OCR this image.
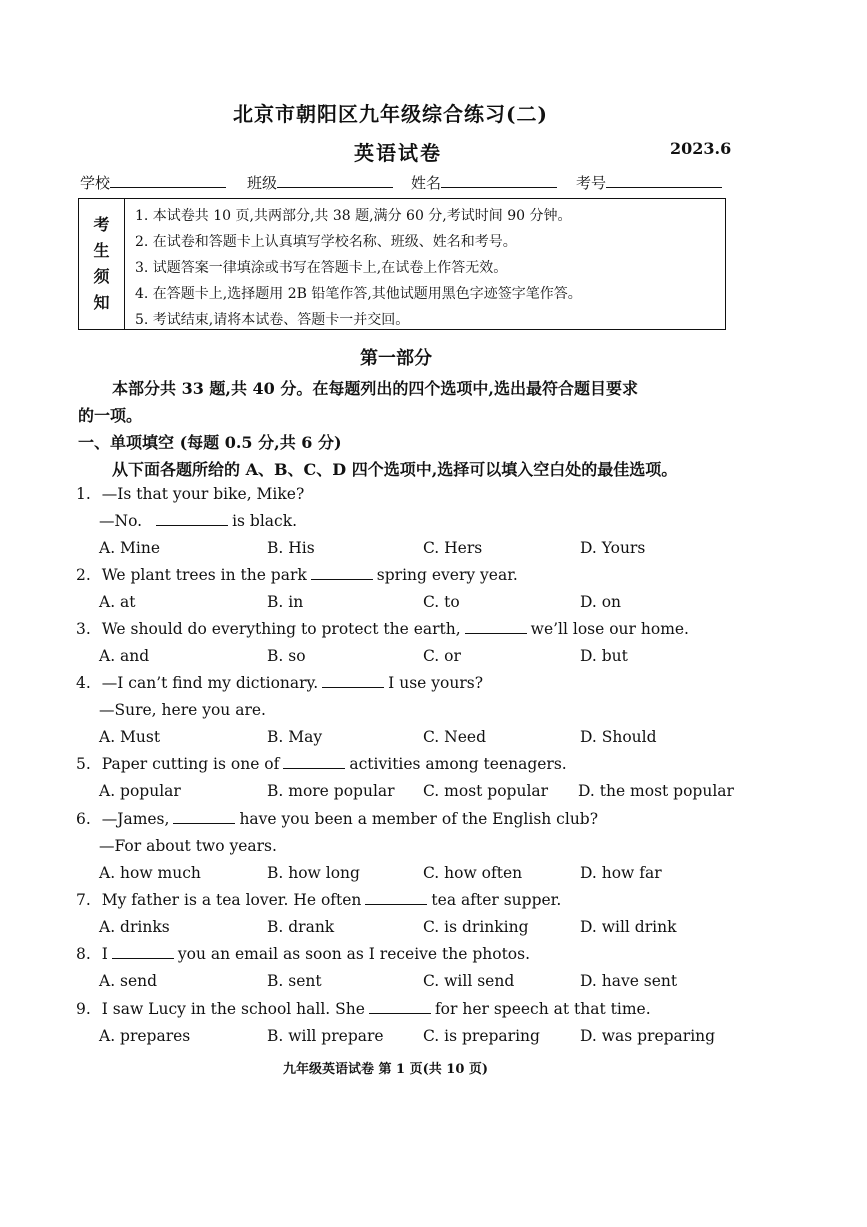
北京市朝阳区九年级综合练习(二)
英语试卷	2023.6
学校	班级	姓名	考号
考
生
须
知
1. 本试卷共 10 页,共两部分,共 38 题,满分 60 分,考试时间 90 分钟。
2. 在试卷和答题卡上认真填写学校名称、班级、姓名和考号。
3. 试题答案一律填涂或书写在答题卡上,在试卷上作答无效。
4. 在答题卡上,选择题用 2B 铅笔作答,其他试题用黑色字迹签字笔作答。
5. 考试结束,请将本试卷、答题卡一并交回。
第一部分
本部分共 33 题,共 40 分。在每题列出的四个选项中,选出最符合题目要求
的一项。
一、单项填空 (每题 0.5 分,共 6 分)
从下面各题所给的 A、B、C、D 四个选项中,选择可以填入空白处的最佳选项。
1. —Is that your bike, Mike?
—No.	is black.
A. Mine	B. His	C. Hers	D. Yours
2. We plant trees in the park	spring every year.
A. at	B. in	C. to	D. on
3. We should do everything to protect the earth,	we’ll lose our home.
A. and	B. so	C. or	D. but
4. —I can’t find my dictionary.	I use yours?
—Sure, here you are.
A. Must	B. May	C. Need	D. Should
5. Paper cutting is one of	activities among teenagers.
A. popular	B. more popular C. most popular D. the most popular
6. —James,	have you been a member of the English club?
—For about two years.
A. how much	B. how long	C. how often	D. how far
7. My father is a tea lover. He often	tea after supper.
A. drinks	B. drank	C. is drinking	D. will drink
8. I	you an email as soon as I receive the photos.
A. send	B. sent	C. will send	D. have sent
9. I saw Lucy in the school hall. She	for her speech at that time.
A. prepares	B. will prepare	C. is preparing	D. was preparing
九年级英语试卷 第 1 页(共 10 页)
